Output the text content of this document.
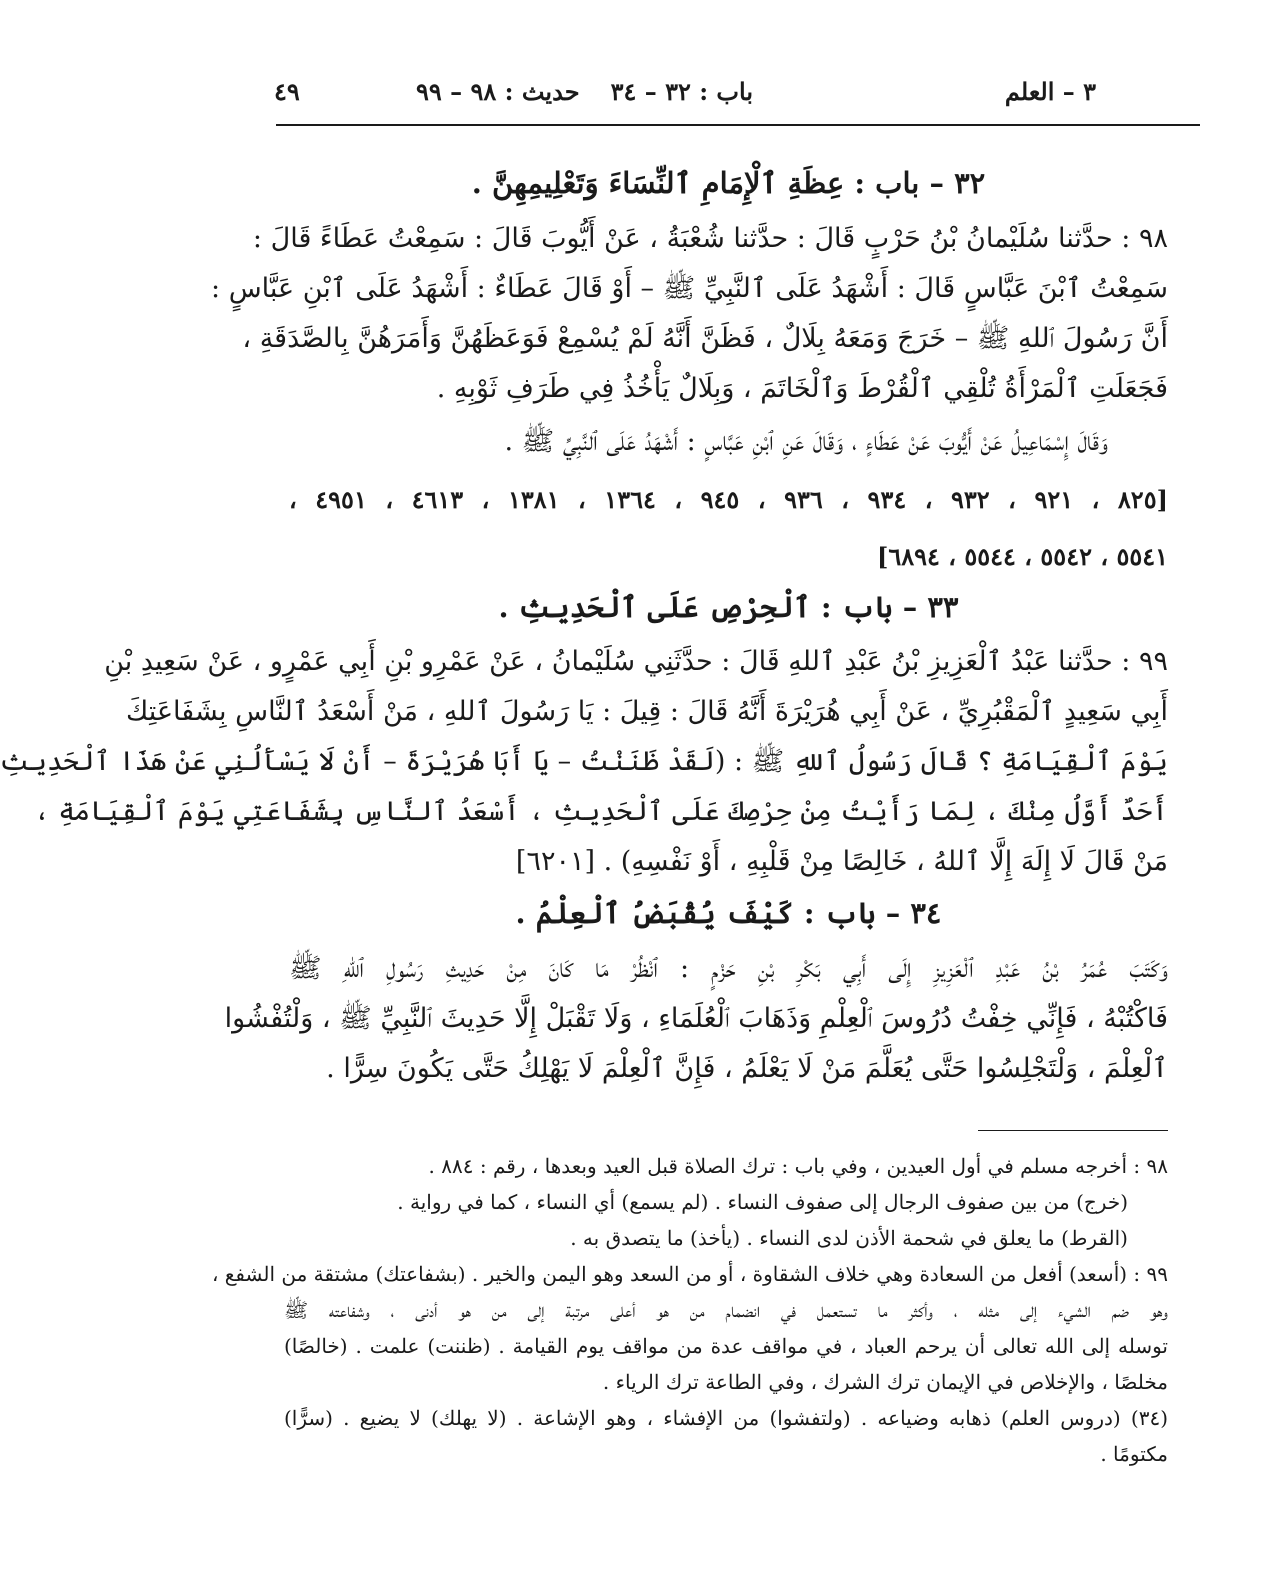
٣ – العلم
باب : ٣٢ – ٣٤
حديث : ٩٨ – ٩٩
٤٩
٣٢ – باب : عِظَةِ ٱلْإِمَامِ ٱلنِّسَاءَ وَتَعْلِيمِهِنَّ .
٩٨ : حدَّثنا سُلَيْمانُ بْنُ حَرْبٍ قَالَ : حدَّثنا شُعْبَةُ ، عَنْ أَيُّوبَ قَالَ : سَمِعْتُ عَطَاءً قَالَ :
سَمِعْتُ ٱبْنَ عَبَّاسٍ قَالَ : أَشْهَدُ عَلَى ٱلنَّبِيِّ ﷺ – أَوْ قَالَ عَطَاءٌ : أَشْهَدُ عَلَى ٱبْنِ عَبَّاسٍ :
أَنَّ رَسُولَ ٱللهِ ﷺ – خَرَجَ وَمَعَهُ بِلَالٌ ، فَظَنَّ أَنَّهُ لَمْ يُسْمِعْ فَوَعَظَهُنَّ وَأَمَرَهُنَّ بِالصَّدَقَةِ ،
فَجَعَلَتِ ٱلْمَرْأَةُ تُلْقِي ٱلْقُرْطَ وَٱلْخَاتَمَ ، وَبِلَالٌ يَأْخُذُ فِي طَرَفِ ثَوْبِهِ .
وَقَالَ إِسْمَاعِيلُ عَنْ أَيُّوبَ عَنْ عَطَاءٍ ، وَقَالَ عَنِ ٱبْنِ عَبَّاسٍ : أَشْهَدُ عَلَى ٱلنَّبِيِّ ﷺ .
[٨٢٥ ، ٩٢١ ، ٩٣٢ ، ٩٣٤ ، ٩٣٦ ، ٩٤٥ ، ١٣٦٤ ، ١٣٨١ ، ٤٦١٣ ، ٤٩٥١ ،
٥٥٤١ ، ٥٥٤٢ ، ٥٥٤٤ ، ٦٨٩٤]
٣٣ – باب : ٱلْحِرْصِ عَلَى ٱلْحَدِيثِ .
٩٩ : حدَّثنا عَبْدُ ٱلْعَزِيزِ بْنُ عَبْدِ ٱللهِ قَالَ : حدَّثَنِي سُلَيْمانُ ، عَنْ عَمْرِو بْنِ أَبِي عَمْرٍو ، عَنْ سَعِيدِ بْنِ
أَبِي سَعِيدٍ ٱلْمَقْبُرِيِّ ، عَنْ أَبِي هُرَيْرَةَ أَنَّهُ قَالَ : قِيلَ : يَا رَسُولَ ٱللهِ ، مَنْ أَسْعَدُ ٱلنَّاسِ بِشَفَاعَتِكَ
يَوْمَ ٱلْقِيَامَةِ ؟ قَالَ رَسُولُ ٱللهِ ﷺ : (لَقَدْ ظَنَنْتُ – يَا أَبَا هُرَيْرَةَ – أَنْ لَا يَسْأَلُنِي عَنْ هَذَا ٱلْحَدِيثِ
أَحَدٌ أَوَّلُ مِنْكَ ، لِمَا رَأَيْتُ مِنْ حِرْصِكَ عَلَى ٱلْحَدِيثِ ، أَسْعَدُ ٱلنَّاسِ بِشَفَاعَتِي يَوْمَ ٱلْقِيَامَةِ ،
مَنْ قَالَ لَا إِلَهَ إِلَّا ٱللهُ ، خَالِصًا مِنْ قَلْبِهِ ، أَوْ نَفْسِهِ) . [٦٢٠١]
٣٤ – باب : كَيْفَ يُقْبَضُ ٱلْعِلْمُ .
وَكَتَبَ عُمَرُ بْنُ عَبْدِ ٱلْعَزِيزِ إِلَى أَبِي بَكْرِ بْنِ حَزْمٍ : ٱنْظُرْ مَا كَانَ مِنْ حَدِيثِ رَسُولِ ٱللهِ ﷺ
فَاكْتُبْهُ ، فَإِنِّي خِفْتُ دُرُوسَ ٱلْعِلْمِ وَذَهَابَ ٱلْعُلَمَاءِ ، وَلَا تَقْبَلْ إِلَّا حَدِيثَ ٱلنَّبِيِّ ﷺ ، وَلْتُفْشُوا
ٱلْعِلْمَ ، وَلْتَجْلِسُوا حَتَّى يُعَلَّمَ مَنْ لَا يَعْلَمُ ، فَإِنَّ ٱلْعِلْمَ لَا يَهْلِكُ حَتَّى يَكُونَ سِرًّا .
٩٨ : أخرجه مسلم في أول العيدين ، وفي باب : ترك الصلاة قبل العيد وبعدها ، رقم : ٨٨٤ .
(خرج) من بين صفوف الرجال إلى صفوف النساء . (لم يسمع) أي النساء ، كما في رواية .
(القرط) ما يعلق في شحمة الأذن لدى النساء . (يأخذ) ما يتصدق به .
٩٩ : (أسعد) أفعل من السعادة وهي خلاف الشقاوة ، أو من السعد وهو اليمن والخير . (بشفاعتك) مشتقة من الشفع ،
وهو ضم الشيء إلى مثله ، وأكثر ما تستعمل في انضمام من هو أعلى مرتبة إلى من هو أدنى ، وشفاعته ﷺ
توسله إلى الله تعالى أن يرحم العباد ، في مواقف عدة من مواقف يوم القيامة . (ظننت) علمت . (خالصًا)
مخلصًا ، والإخلاص في الإيمان ترك الشرك ، وفي الطاعة ترك الرياء .
(٣٤) (دروس العلم) ذهابه وضياعه . (ولتفشوا) من الإفشاء ، وهو الإشاعة . (لا يهلك) لا يضيع . (سرًّا)
مكتومًا .
